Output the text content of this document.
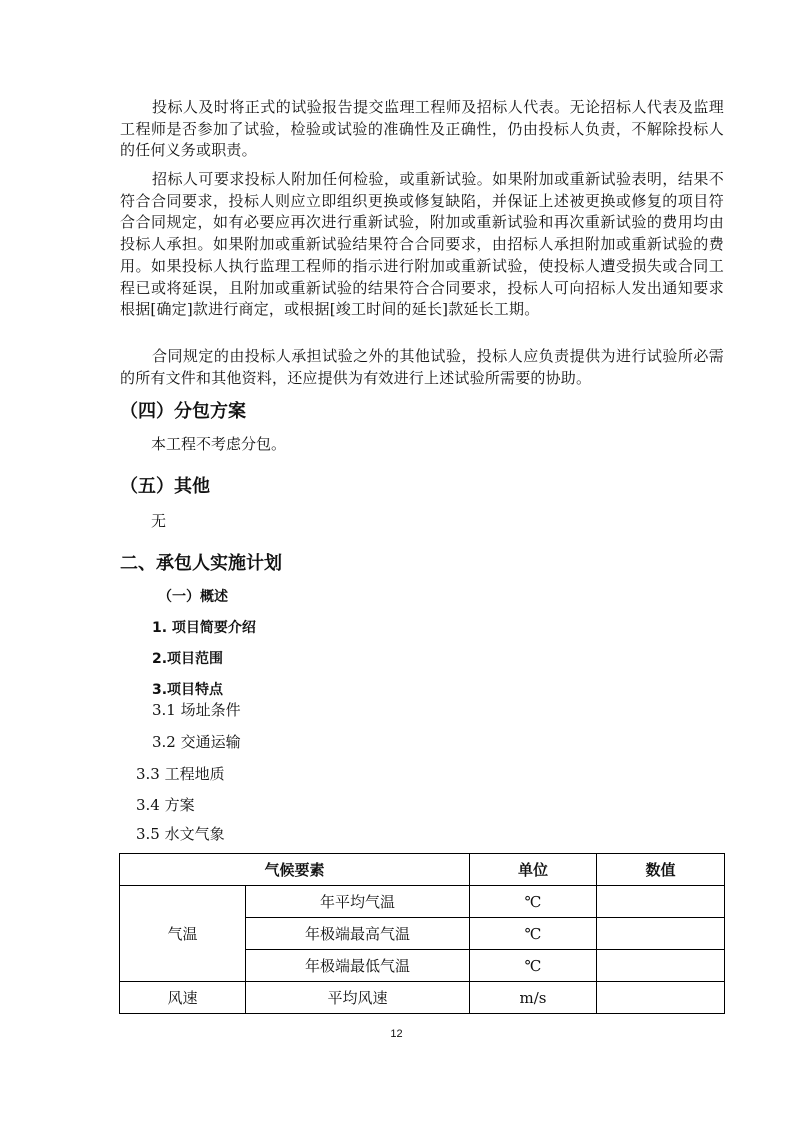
投标人及时将正式的试验报告提交监理工程师及招标人代表。无论招标人代表及监理工程师是否参加了试验，检验或试验的准确性及正确性，仍由投标人负责，不解除投标人的任何义务或职责。

招标人可要求投标人附加任何检验，或重新试验。如果附加或重新试验表明，结果不符合合同要求，投标人则应立即组织更换或修复缺陷，并保证上述被更换或修复的项目符合合同规定，如有必要应再次进行重新试验，附加或重新试验和再次重新试验的费用均由投标人承担。如果附加或重新试验结果符合合同要求，由招标人承担附加或重新试验的费用。如果投标人执行监理工程师的指示进行附加或重新试验，使投标人遭受损失或合同工程已或将延误，且附加或重新试验的结果符合合同要求，投标人可向招标人发出通知要求根据[确定]款进行商定，或根据[竣工时间的延长]款延长工期。

合同规定的由投标人承担试验之外的其他试验，投标人应负责提供为进行试验所必需的所有文件和其他资料，还应提供为有效进行上述试验所需要的协助。

（四）分包方案

本工程不考虑分包。

（五）其他

无

二、承包人实施计划
（一）概述
1. 项目简要介绍
2.项目范围
3.项目特点

3.1 场址条件

3.2 交通运输

3.3 工程地质

3.4 方案

3.5 水文气象

气候要素		单位	数值
气温	年平均气温	℃	
	年极端最高气温	℃	
	年极端最低气温	℃	
风速	平均风速	m/s	
12
